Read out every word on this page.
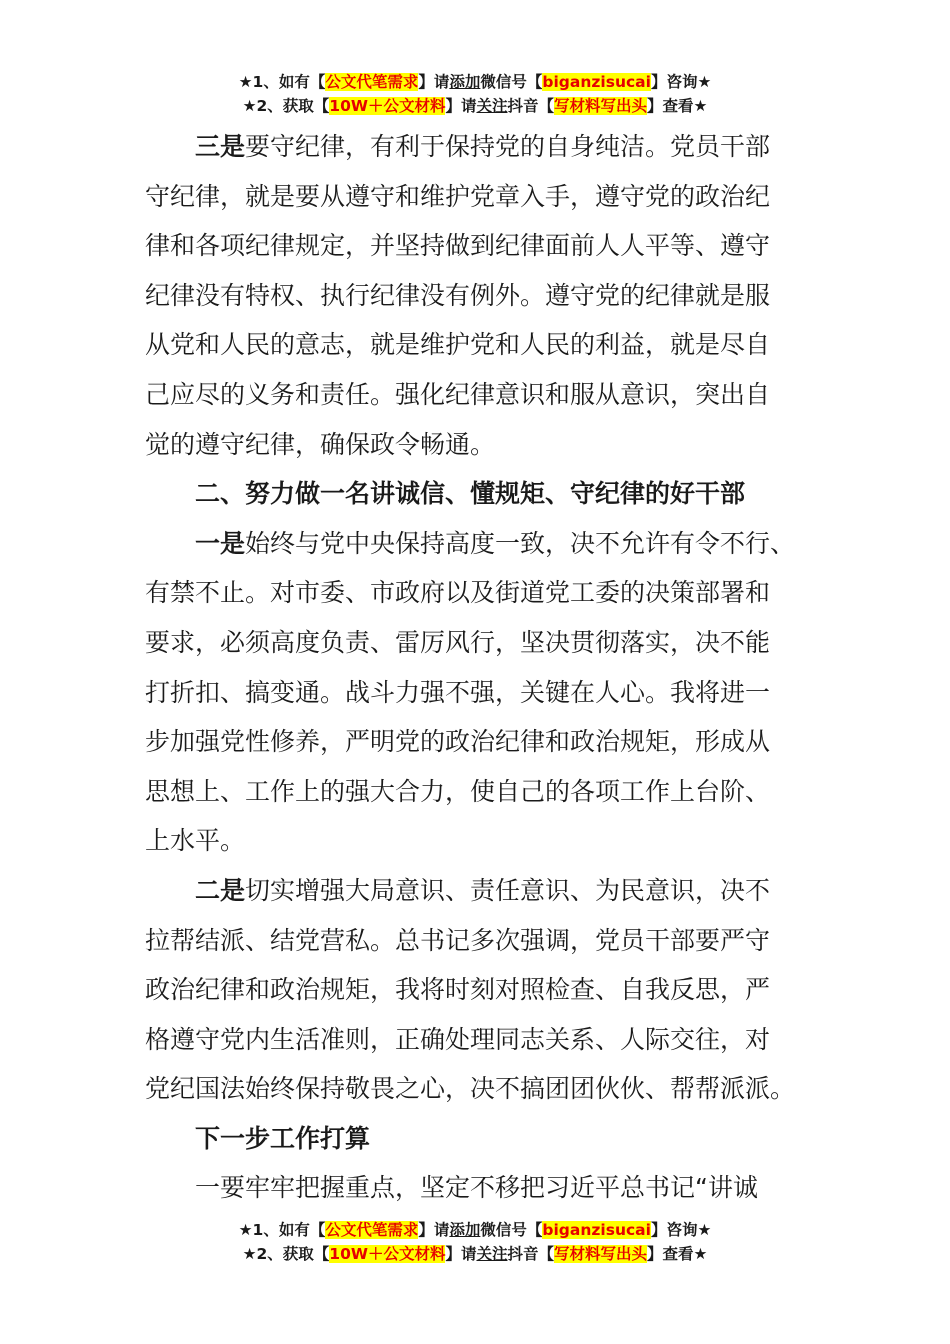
★1、如有【公文代笔需求】请添加微信号【biganzisucai】咨询★
★2、获取【10W＋公文材料】请关注抖音【写材料写出头】查看★
三是要守纪律，有利于保持党的自身纯洁。党员干部
守纪律，就是要从遵守和维护党章入手，遵守党的政治纪
律和各项纪律规定，并坚持做到纪律面前人人平等、遵守
纪律没有特权、执行纪律没有例外。遵守党的纪律就是服
从党和人民的意志，就是维护党和人民的利益，就是尽自
己应尽的义务和责任。强化纪律意识和服从意识，突出自
觉的遵守纪律，确保政令畅通。
二、努力做一名讲诚信、懂规矩、守纪律的好干部
一是始终与党中央保持高度一致，决不允许有令不行、
有禁不止。对市委、市政府以及街道党工委的决策部署和
要求，必须高度负责、雷厉风行，坚决贯彻落实，决不能
打折扣、搞变通。战斗力强不强，关键在人心。我将进一
步加强党性修养，严明党的政治纪律和政治规矩，形成从
思想上、工作上的强大合力，使自己的各项工作上台阶、
上水平。
二是切实增强大局意识、责任意识、为民意识，决不
拉帮结派、结党营私。总书记多次强调，党员干部要严守
政治纪律和政治规矩，我将时刻对照检查、自我反思，严
格遵守党内生活准则，正确处理同志关系、人际交往，对
党纪国法始终保持敬畏之心，决不搞团团伙伙、帮帮派派。
下一步工作打算
一要牢牢把握重点，坚定不移把习近平总书记“讲诚
★1、如有【公文代笔需求】请添加微信号【biganzisucai】咨询★
★2、获取【10W＋公文材料】请关注抖音【写材料写出头】查看★
